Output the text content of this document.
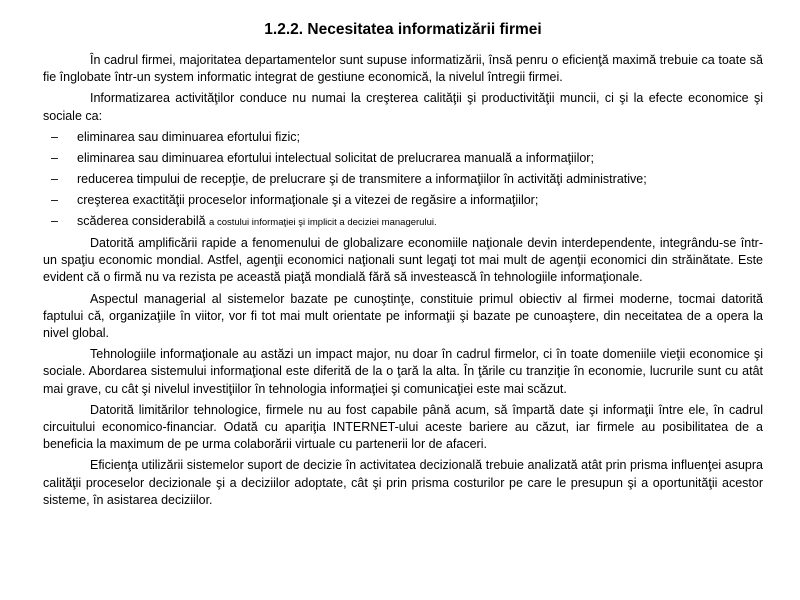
1.2.2. Necesitatea informatizării firmei

În cadrul firmei, majoritatea departamentelor sunt supuse informatizării, însă penru o eficienţă maximă trebuie ca toate să fie înglobate într-un system informatic integrat de gestiune economică, la nivelul întregii firmei.

Informatizarea activităţilor conduce nu numai la creşterea calităţii şi productivităţii muncii, ci şi la efecte economice şi sociale ca:

– eliminarea sau diminuarea efortului fizic;
– eliminarea sau diminuarea efortului intelectual solicitat de prelucrarea manuală a informaţiilor;
– reducerea timpului de recepţie, de prelucrare şi de transmitere a informaţiilor în activităţi administrative;
– creşterea exactităţii proceselor informaţionale şi a vitezei de regăsire a informaţiilor;
– scăderea considerabilă a costului informaţiei şi implicit a deciziei managerului.

Datorită amplificării rapide a fenomenului de globalizare economiile naţionale devin interdependente, integrându-se într-un spaţiu economic mondial. Astfel, agenţii economici naţionali sunt legaţi tot mai mult de agenţii economici din străinătate. Este evident că o firmă nu va rezista pe această piaţă mondială fără să investească în tehnologiile informaţionale.

Aspectul managerial al sistemelor bazate pe cunoştinţe, constituie primul obiectiv al firmei moderne, tocmai datorită faptului că, organizaţiile în viitor, vor fi tot mai mult orientate pe informaţii şi bazate pe cunoaştere, din neceitatea de a opera la nivel global.

Tehnologiile informaţionale au astăzi un impact major, nu doar în cadrul firmelor, ci în toate domeniile vieţii economice şi sociale. Abordarea sistemului informaţional este diferită de la o ţară la alta. În ţările cu tranziţie în economie, lucrurile sunt cu atât mai grave, cu cât şi nivelul investiţiilor în tehnologia informaţiei şi comunicaţiei este mai scăzut.

Datorită limitărilor tehnologice, firmele nu au fost capabile până acum, să împartă date şi informaţii între ele, în cadrul circuitului economico-financiar. Odată cu apariţia INTERNET-ului aceste bariere au căzut, iar firmele au posibilitatea de a beneficia la maximum de pe urma colaborării virtuale cu partenerii lor de afaceri.

Eficienţa utilizării sistemelor suport de decizie în activitatea decizională trebuie analizată atât prin prisma influenţei asupra calităţii proceselor decizionale şi a deciziilor adoptate, cât şi prin prisma costurilor pe care le presupun şi a oportunităţii acestor sisteme, în asistarea deciziilor.
